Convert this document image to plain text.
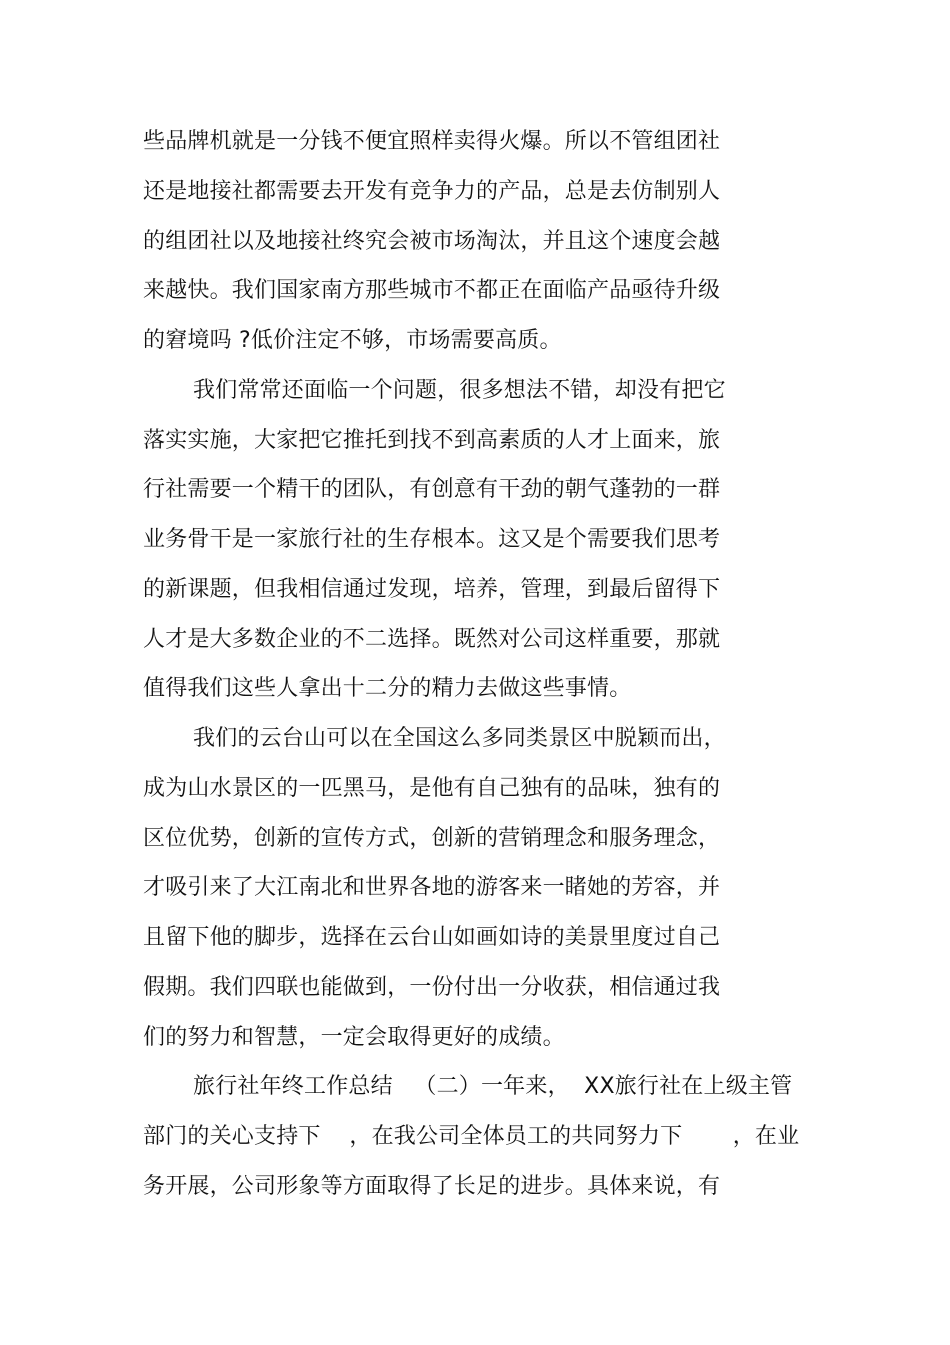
些品牌机就是一分钱不便宜照样卖得火爆。所以不管组团社
还是地接社都需要去开发有竞争力的产品，总是去仿制别人
的组团社以及地接社终究会被市场淘汰，并且这个速度会越
来越快。我们国家南方那些城市不都正在面临产品亟待升级
的窘境吗 ?低价注定不够，市场需要高质。
我们常常还面临一个问题，很多想法不错，却没有把它
落实实施，大家把它推托到找不到高素质的人才上面来，旅
行社需要一个精干的团队，有创意有干劲的朝气蓬勃的一群
业务骨干是一家旅行社的生存根本。这又是个需要我们思考
的新课题，但我相信通过发现，培养，管理，到最后留得下
人才是大多数企业的不二选择。既然对公司这样重要，那就
值得我们这些人拿出十二分的精力去做这些事情。
我们的云台山可以在全国这么多同类景区中脱颖而出，
成为山水景区的一匹黑马，是他有自己独有的品味，独有的
区位优势，创新的宣传方式，创新的营销理念和服务理念，
才吸引来了大江南北和世界各地的游客来一睹她的芳容，并
且留下他的脚步，选择在云台山如画如诗的美景里度过自己
假期。我们四联也能做到，一份付出一分收获，相信通过我
们的努力和智慧，一定会取得更好的成绩。
旅行社年终工作总结   （二）一年来，  XX旅行社在上级主管
部门的关心支持下    ，在我公司全体员工的共同努力下       ，在业
务开展，公司形象等方面取得了长足的进步。具体来说，有
